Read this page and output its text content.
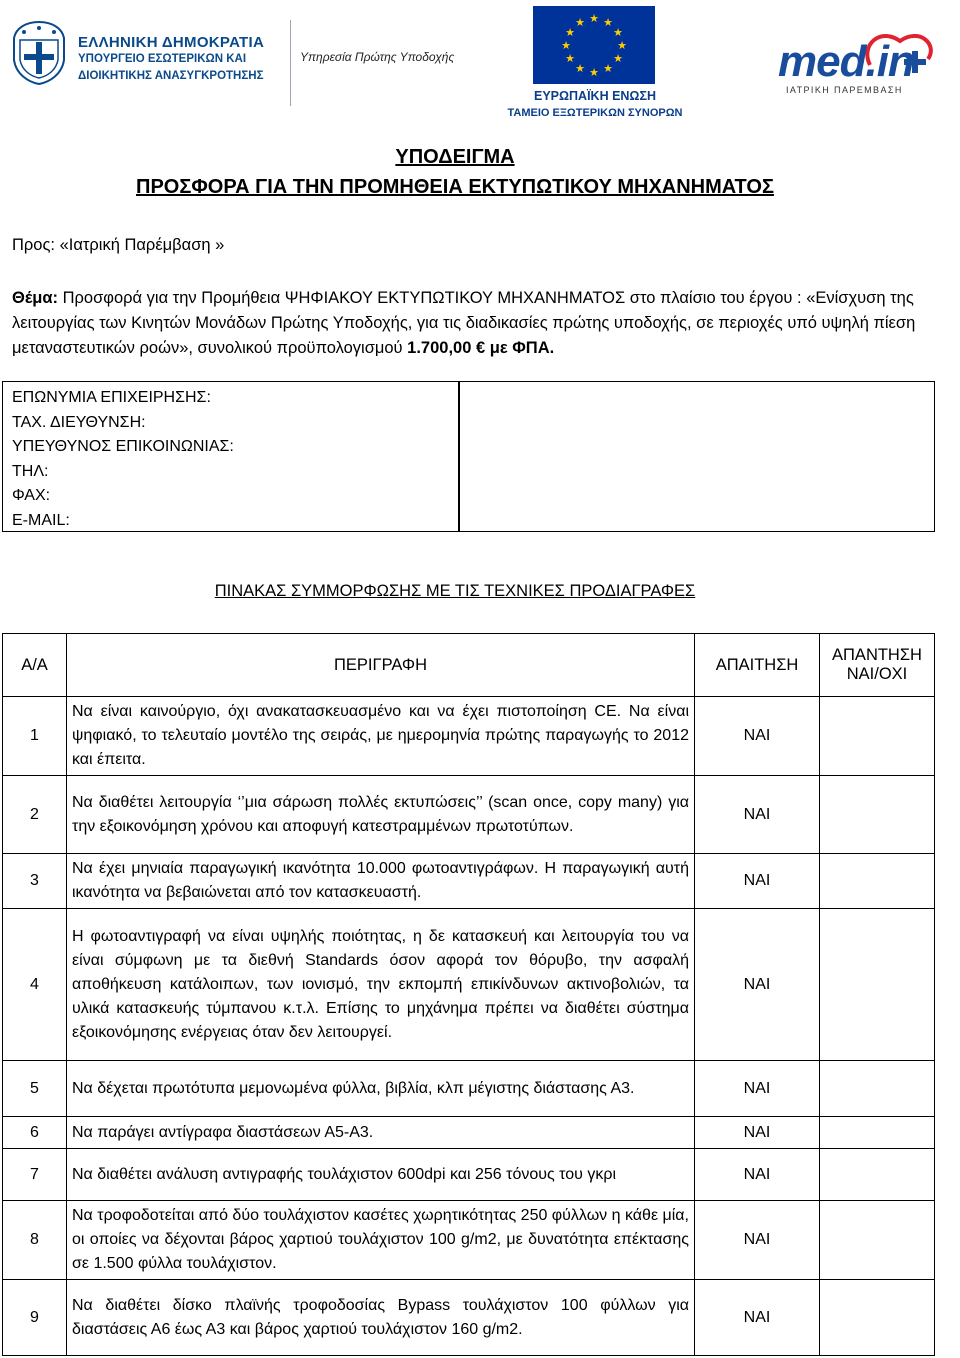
ΕΛΛΗΝΙΚΗ ΔΗΜΟΚΡΑΤΙΑ
ΥΠΟΥΡΓΕΙΟ ΕΣΩΤΕΡΙΚΩΝ ΚΑΙ
ΔΙΟΙΚΗΤΙΚΗΣ ΑΝΑΣΥΓΚΡΟΤΗΣΗΣ
Υπηρεσία Πρώτης Υποδοχής
★ ★
★
★
★
★
★
★
★
★
★
★
ΕΥΡΩΠΑΪΚΗ ΕΝΩΣΗ
ΤΑΜΕΙΟ ΕΞΩΤΕΡΙΚΩΝ ΣΥΝΟΡΩΝ
med.in
ΙΑΤΡΙΚΗ ΠΑΡΕΜΒΑΣΗ
ΥΠΟΔΕΙΓΜΑ
ΠΡΟΣΦΟΡΑ ΓΙΑ ΤΗΝ ΠΡΟΜΗΘΕΙΑ ΕΚΤΥΠΩΤΙΚΟΥ ΜΗΧΑΝΗΜΑΤΟΣ
Προς: «Ιατρική Παρέμβαση »
Θέμα: Προσφορά για την Προμήθεια ΨΗΦΙΑΚΟΥ ΕΚΤΥΠΩΤΙΚΟΥ ΜΗΧΑΝΗΜΑΤΟΣ στο πλαίσιο του έργου : «Ενίσχυση της λειτουργίας των Κινητών Μονάδων Πρώτης Υποδοχής, για τις διαδικασίες πρώτης υποδοχής, σε περιοχές υπό υψηλή πίεση μεταναστευτικών ροών», συνολικού προϋπολογισμού 1.700,00 € με ΦΠΑ.
ΕΠΩΝΥΜΙΑ ΕΠΙΧΕΙΡΗΣΗΣ:
ΤΑΧ. ΔΙΕΥΘΥΝΣΗ:
ΥΠΕΥΘΥΝΟΣ ΕΠΙΚΟΙΝΩΝΙΑΣ:
ΤΗΛ:
ΦΑΧ:
E-MAIL:
ΠΙΝΑΚΑΣ ΣΥΜΜΟΡΦΩΣΗΣ ΜΕ ΤΙΣ ΤΕΧΝΙΚΕΣ ΠΡΟΔΙΑΓΡΑΦΕΣ
Α/Α	ΠΕΡΙΓΡΑΦΗ	ΑΠΑΙΤΗΣΗ	ΑΠΑΝΤΗΣΗ
ΝΑΙ/ΟΧΙ

1	Να είναι καινούργιο, όχι ανακατασκευασμένο και να έχει πιστοποίηση CE. Να είναι ψηφιακό, το τελευταίο μοντέλο της σειράς, με ημερομηνία πρώτης παραγωγής το 2012 και έπειτα.	ΝΑΙ	
2	Να διαθέτει λειτουργία ‘’μια σάρωση πολλές εκτυπώσεις’’ (scan once, copy many) για την εξοικονόμηση χρόνου και αποφυγή κατεστραμμένων πρωτοτύπων.	ΝΑΙ	
3	Να έχει μηνιαία παραγωγική ικανότητα 10.000 φωτοαντιγράφων. Η παραγωγική αυτή ικανότητα να βεβαιώνεται από τον κατασκευαστή.	ΝΑΙ	
4	Η φωτοαντιγραφή να είναι υψηλής ποιότητας, η δε κατασκευή και λειτουργία του να είναι σύμφωνη με τα διεθνή Standards όσον αφορά τον θόρυβο, την ασφαλή αποθήκευση κατάλοιπων, των ιονισμό, την εκπομπή επικίνδυνων ακτινοβολιών, τα υλικά κατασκευής τύμπανου κ.τ.λ. Επίσης το μηχάνημα πρέπει να διαθέτει σύστημα εξοικονόμησης ενέργειας όταν δεν λειτουργεί.	ΝΑΙ	
5	Να δέχεται πρωτότυπα μεμονωμένα φύλλα, βιβλία, κλπ μέγιστης διάστασης Α3.	ΝΑΙ	
6	Να παράγει αντίγραφα διαστάσεων Α5-Α3.	ΝΑΙ	
7	Να διαθέτει ανάλυση αντιγραφής τουλάχιστον 600dpi και 256 τόνους του γκρι	ΝΑΙ	
8	Να τροφοδοτείται από δύο τουλάχιστον κασέτες χωρητικότητας 250 φύλλων η κάθε μία, οι οποίες να δέχονται βάρος χαρτιού τουλάχιστον 100 g/m2, με δυνατότητα επέκτασης σε 1.500 φύλλα τουλάχιστον.	ΝΑΙ	
9	Να διαθέτει δίσκο πλαϊνής τροφοδοσίας Bypass τουλάχιστον 100 φύλλων για διαστάσεις Α6 έως Α3 και βάρος χαρτιού τουλάχιστον 160 g/m2.	ΝΑΙ	
